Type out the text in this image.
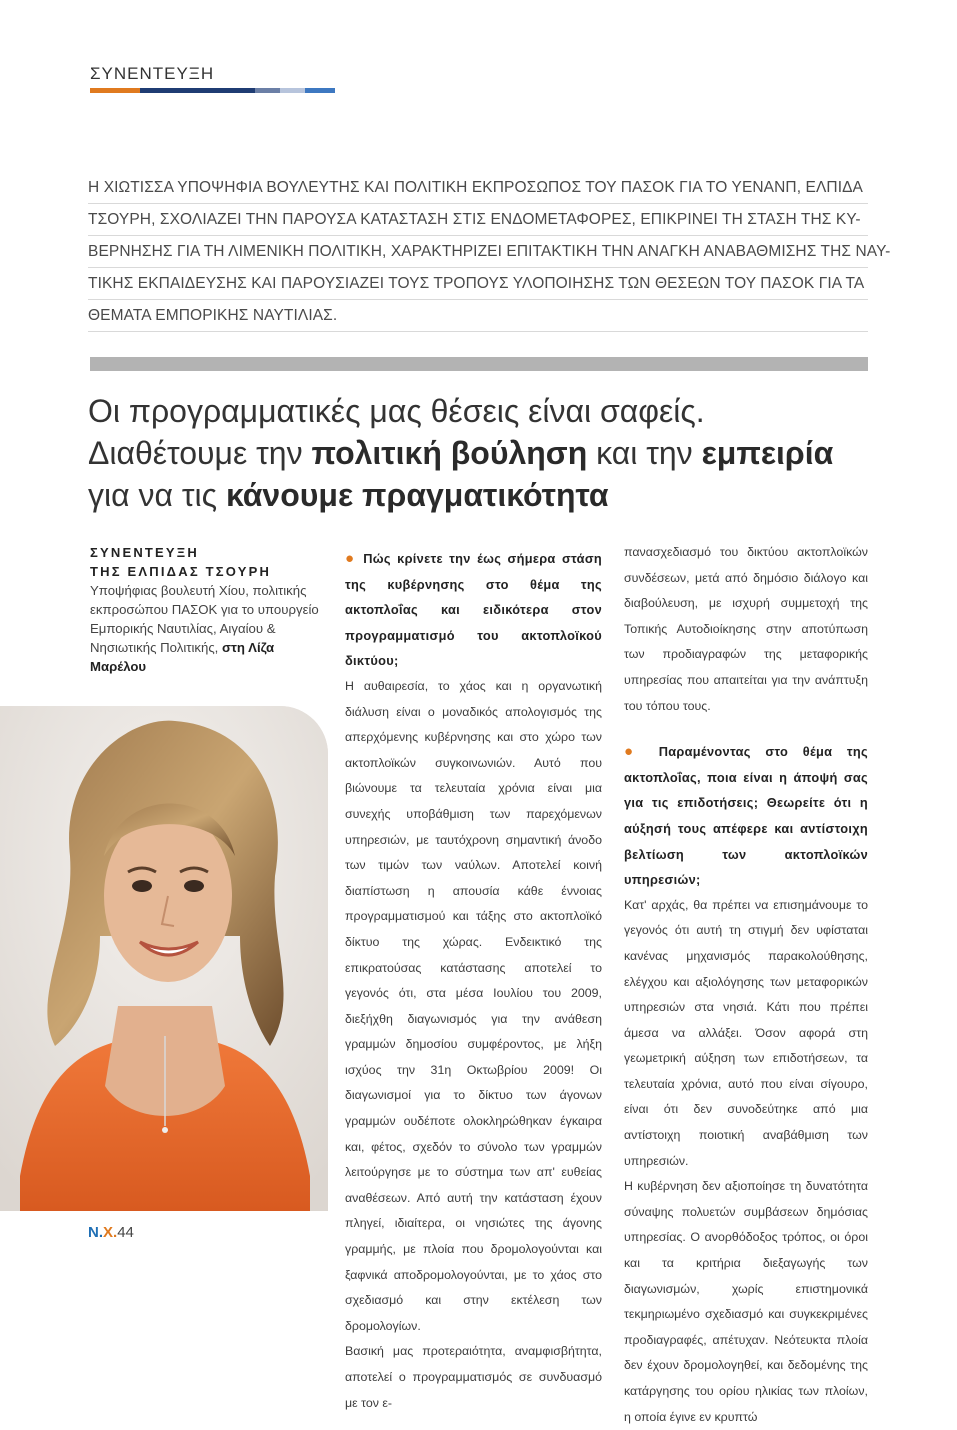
ΣΥΝΕΝΤΕΥΞΗ
Η ΧΙΩΤΙΣΣΑ ΥΠΟΨΗΦΙΑ ΒΟΥΛΕΥΤΗΣ ΚΑΙ ΠΟΛΙΤΙΚΗ ΕΚΠΡΟΣΩΠΟΣ ΤΟΥ ΠΑΣΟΚ ΓΙΑ ΤΟ ΥΕΝΑΝΠ, ΕΛΠΙΔΑ
ΤΣΟΥΡΗ, ΣΧΟΛΙΑΖΕΙ ΤΗΝ ΠΑΡΟΥΣΑ ΚΑΤΑΣΤΑΣΗ ΣΤΙΣ ΕΝΔΟΜΕΤΑΦΟΡΕΣ, ΕΠΙΚΡΙΝΕΙ ΤΗ ΣΤΑΣΗ ΤΗΣ ΚΥ-
ΒΕΡΝΗΣΗΣ ΓΙΑ ΤΗ ΛΙΜΕΝΙΚΗ ΠΟΛΙΤΙΚΗ, ΧΑΡΑΚΤΗΡΙΖΕΙ ΕΠΙΤΑΚΤΙΚΗ ΤΗΝ ΑΝΑΓΚΗ ΑΝΑΒΑΘΜΙΣΗΣ ΤΗΣ ΝΑΥ-
ΤΙΚΗΣ ΕΚΠΑΙΔΕΥΣΗΣ ΚΑΙ ΠΑΡΟΥΣΙΑΖΕΙ ΤΟΥΣ ΤΡΟΠΟΥΣ ΥΛΟΠΟΙΗΣΗΣ ΤΩΝ ΘΕΣΕΩΝ ΤΟΥ ΠΑΣΟΚ ΓΙΑ ΤΑ
ΘΕΜΑΤΑ ΕΜΠΟΡΙΚΗΣ ΝΑΥΤΙΛΙΑΣ.
Οι προγραμματικές μας θέσεις είναι σαφείς.
Διαθέτουμε την πολιτική βούληση και την εμπειρία
για να τις κάνουμε πραγματικότητα
ΣΥΝΕΝΤΕΥΞΗ
ΤΗΣ ΕΛΠΙΔΑΣ ΤΣΟΥΡΗ
Υποψήφιας βουλευτή Χίου, πολιτικής εκπροσώπου ΠΑΣΟΚ για το υπουργείο Εμπορικής Ναυτιλίας, Αιγαίου & Νησιωτικής Πολιτικής, στη Λίζα Μαρέλου

● Πώς κρίνετε την έως σήμερα στάση της κυβέρνησης στο θέμα της ακτοπλοΐας και ειδικότερα στον προγραμματισμό του ακτοπλοϊκού δικτύου;

Η αυθαιρεσία, το χάος και η οργανωτική διάλυση είναι ο μοναδικός απολογισμός της απερχόμενης κυβέρνησης και στο χώρο των ακτοπλοϊκών συγκοινωνιών. Αυτό που βιώνουμε τα τελευταία χρόνια είναι μια συνεχής υποβάθμιση των παρεχόμενων υπηρεσιών, με ταυτόχρονη σημαντική άνοδο των τιμών των ναύλων. Αποτελεί κοινή διαπίστωση η απουσία κάθε έννοιας προγραμματισμού και τάξης στο ακτοπλοϊκό δίκτυο της χώρας. Ενδεικτικό της επικρατούσας κατάστασης αποτελεί το γεγονός ότι, στα μέσα Ιουλίου του 2009, διεξήχθη διαγωνισμός για την ανάθεση γραμμών δημοσίου συμφέροντος, με λήξη ισχύος την 31η Οκτωβρίου 2009! Οι διαγωνισμοί για το δίκτυο των άγονων γραμμών ουδέποτε ολοκληρώθηκαν έγκαιρα και, φέτος, σχεδόν το σύνολο των γραμμών λειτούργησε με το σύστημα των απ' ευθείας αναθέσεων. Από αυτή την κατάσταση έχουν πληγεί, ιδιαίτερα, οι νησιώτες της άγονης γραμμής, με πλοία που δρομολογούνται και ξαφνικά αποδρομολογούνται, με το χάος στο σχεδιασμό και στην εκτέλεση των δρομολογίων.

Βασική μας προτεραιότητα, αναμφισβήτητα, αποτελεί ο προγραμματισμός σε συνδυασμό με τον ε-

πανασχεδιασμό του δικτύου ακτοπλοϊκών συνδέσεων, μετά από δημόσιο διάλογο και διαβούλευση, με ισχυρή συμμετοχή της Τοπικής Αυτοδιοίκησης στην αποτύπωση των προδιαγραφών της μεταφορικής υπηρεσίας που απαιτείται για την ανάπτυξη του τόπου τους.

● Παραμένοντας στο θέμα της ακτοπλοΐας, ποια είναι η άποψή σας για τις επιδοτήσεις; Θεωρείτε ότι η αύξησή τους απέφερε και αντίστοιχη βελτίωση των ακτοπλοϊκών υπηρεσιών;

Κατ' αρχάς, θα πρέπει να επισημάνουμε το γεγονός ότι αυτή τη στιγμή δεν υφίσταται κανένας μηχανισμός παρακολούθησης, ελέγχου και αξιολόγησης των μεταφορικών υπηρεσιών στα νησιά. Κάτι που πρέπει άμεσα να αλλάξει. Όσον αφορά στη γεωμετρική αύξηση των επιδοτήσεων, τα τελευταία χρόνια, αυτό που είναι σίγουρο, είναι ότι δεν συνοδεύτηκε από μια αντίστοιχη ποιοτική αναβάθμιση των υπηρεσιών.

Η κυβέρνηση δεν αξιοποίησε τη δυνατότητα σύναψης πολυετών συμβάσεων δημόσιας υπηρεσίας. Ο ανορθόδοξος τρόπος, οι όροι και τα κριτήρια διεξαγωγής των διαγωνισμών, χωρίς επιστημονικά τεκμηριωμένο σχεδιασμό και συγκεκριμένες προδιαγραφές, απέτυχαν. Νεότευκτα πλοία δεν έχουν δρομολογηθεί, και δεδομένης της κατάργησης του ορίου ηλικίας των πλοίων, η οποία έγινε εν κρυπτώ

N.X.44
